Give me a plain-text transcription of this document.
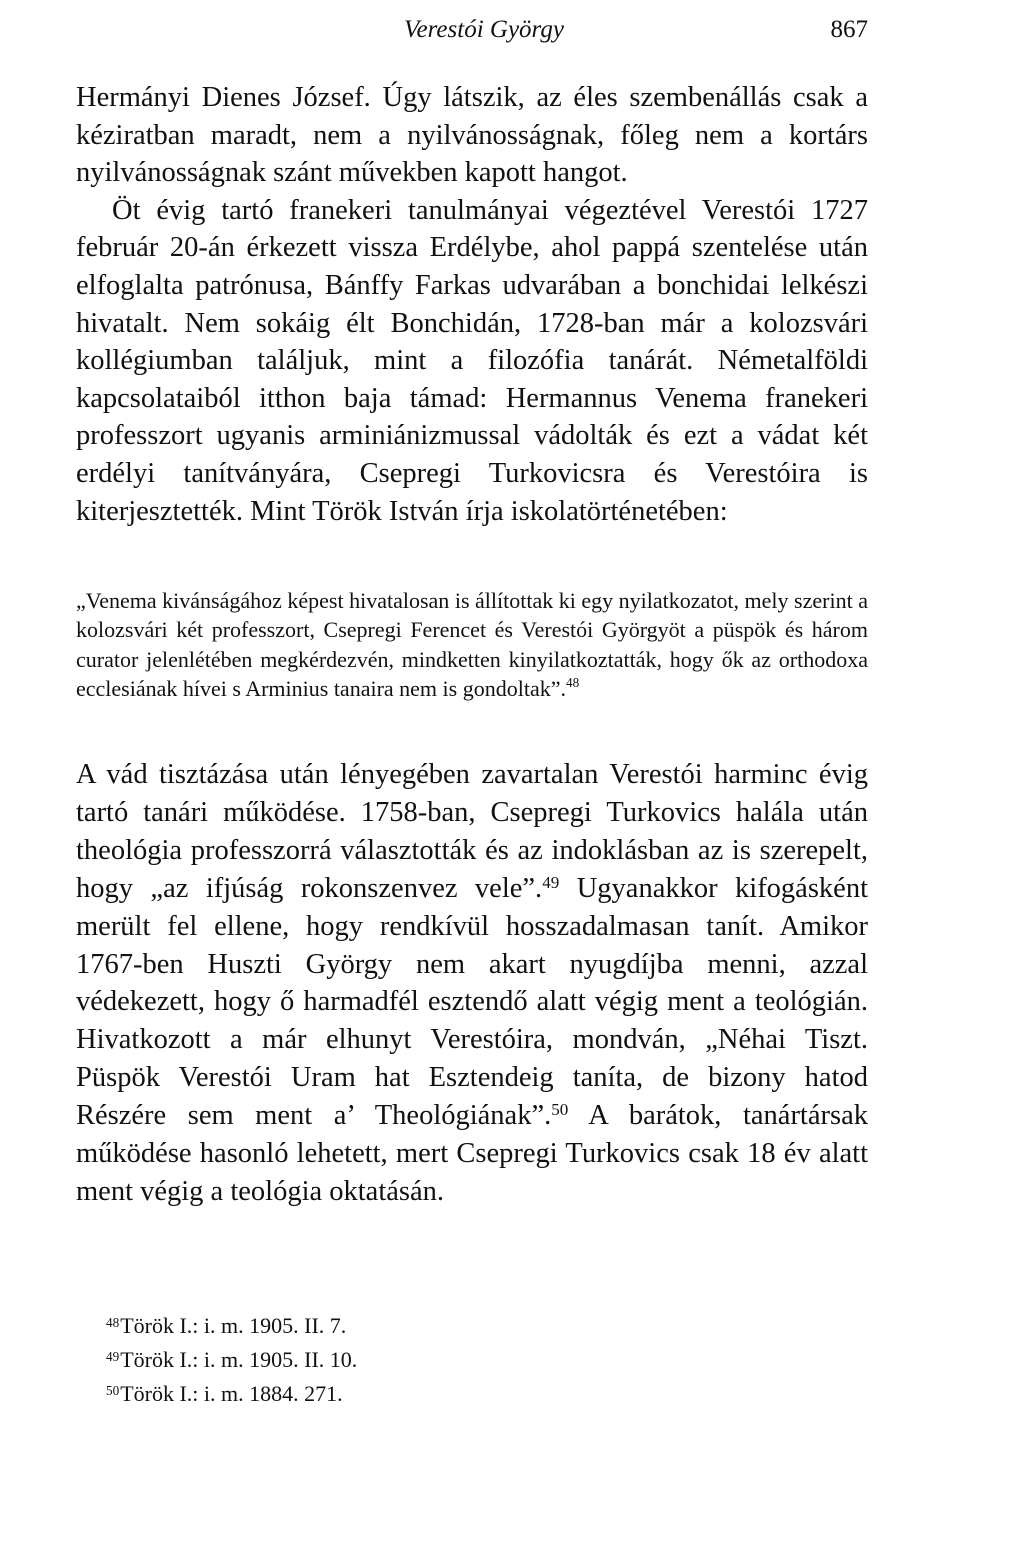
Verestói György	867

Hermányi Dienes József. Úgy látszik, az éles szembenállás csak a kéziratban maradt, nem a nyilvánosságnak, főleg nem a kortárs nyilvánosságnak szánt művekben kapott hangot.

Öt évig tartó franekeri tanulmányai végeztével Verestói 1727 február 20-án érkezett vissza Erdélybe, ahol pappá szentelése után elfoglalta patrónusa, Bánffy Farkas udvarában a bonchidai lelkészi hivatalt. Nem sokáig élt Bonchidán, 1728-ban már a kolozsvári kollégiumban találjuk, mint a filozófia tanárát. Németalföldi kapcsolataiból itthon baja támad: Hermannus Venema franekeri professzort ugyanis arminiánizmussal vádolták és ezt a vádat két erdélyi tanítványára, Csepregi Turkovicsra és Verestóira is kiterjesztették. Mint Török István írja iskolatörténetében:

„Venema kivánságához képest hivatalosan is állítottak ki egy nyilatkozatot, mely szerint a kolozsvári két professzort, Csepregi Ferencet és Verestói Györgyöt a püspök és három curator jelenlétében megkérdezvén, mindketten kinyilatkoztatták, hogy ők az orthodoxa ecclesiának hívei s Arminius tanaira nem is gondoltak”.$^{48}$

A vád tisztázása után lényegében zavartalan Verestói harminc évig tartó tanári működése. 1758-ban, Csepregi Turkovics halála után theológia professzorrá választották és az indoklásban az is szerepelt, hogy „az ifjúság rokonszenvez vele”.$^{49}$ Ugyanakkor kifogásként merült fel ellene, hogy rendkívül hosszadalmasan tanít. Amikor 1767-ben Huszti György nem akart nyugdíjba menni, azzal védekezett, hogy ő harmadfél esztendő alatt végig ment a teológián. Hivatkozott a már elhunyt Verestóira, mondván, „Néhai Tiszt. Püspök Verestói Uram hat Esztendeig taníta, de bizony hatod Részére sem ment a’ Theológiának”.$^{50}$ A barátok, tanártársak működése hasonló lehetett, mert Csepregi Turkovics csak 18 év alatt ment végig a teológia oktatásán.

$^{48}$Török I.: i. m. 1905. II. 7.

$^{49}$Török I.: i. m. 1905. II. 10.

$^{50}$Török I.: i. m. 1884. 271.
